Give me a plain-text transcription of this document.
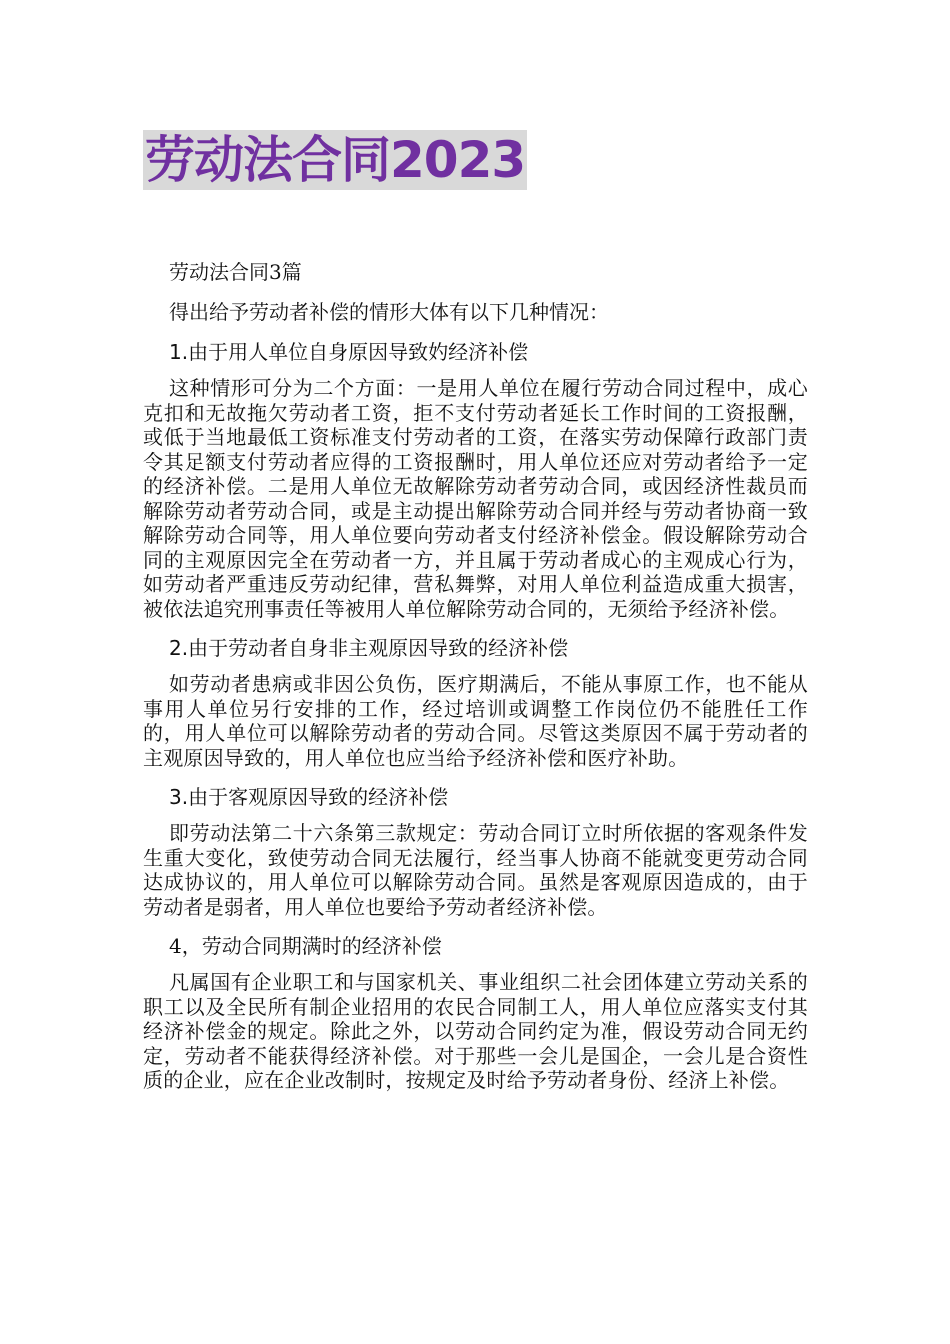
劳动法合同2023

劳动法合同3篇

得出给予劳动者补偿的情形大体有以下几种情况：

1.由于用人单位自身原因导致妁经济补偿

这种情形可分为二个方面：一是用人单位在履行劳动合同过程中，成心克扣和无故拖欠劳动者工资，拒不支付劳动者延长工作时间的工资报酬，或低于当地最低工资标准支付劳动者的工资，在落实劳动保障行政部门责令其足额支付劳动者应得的工资报酬时，用人单位还应对劳动者给予一定的经济补偿。二是用人单位无故解除劳动者劳动合同，或因经济性裁员而解除劳动者劳动合同，或是主动提出解除劳动合同并经与劳动者协商一致解除劳动合同等，用人单位要向劳动者支付经济补偿金。假设解除劳动合同的主观原因完全在劳动者一方，并且属于劳动者成心的主观成心行为，如劳动者严重违反劳动纪律，营私舞弊，对用人单位利益造成重大损害，被依法追究刑事责任等被用人单位解除劳动合同的，无须给予经济补偿。

2.由于劳动者自身非主观原因导致的经济补偿

如劳动者患病或非因公负伤，医疗期满后，不能从事原工作，也不能从事用人单位另行安排的工作，经过培训或调整工作岗位仍不能胜任工作的，用人单位可以解除劳动者的劳动合同。尽管这类原因不属于劳动者的主观原因导致的，用人单位也应当给予经济补偿和医疗补助。

3.由于客观原因导致的经济补偿

即劳动法第二十六条第三款规定：劳动合同订立时所依据的客观条件发生重大变化，致使劳动合同无法履行，经当事人协商不能就变更劳动合同达成协议的，用人单位可以解除劳动合同。虽然是客观原因造成的，由于劳动者是弱者，用人单位也要给予劳动者经济补偿。

4，劳动合同期满时的经济补偿

凡属国有企业职工和与国家机关、事业组织二社会团体建立劳动关系的职工以及全民所有制企业招用的农民合同制工人，用人单位应落实支付其经济补偿金的规定。除此之外，以劳动合同约定为准，假设劳动合同无约定，劳动者不能获得经济补偿。对于那些一会儿是国企，一会儿是合资性质的企业，应在企业改制时，按规定及时给予劳动者身份、经济上补偿。
